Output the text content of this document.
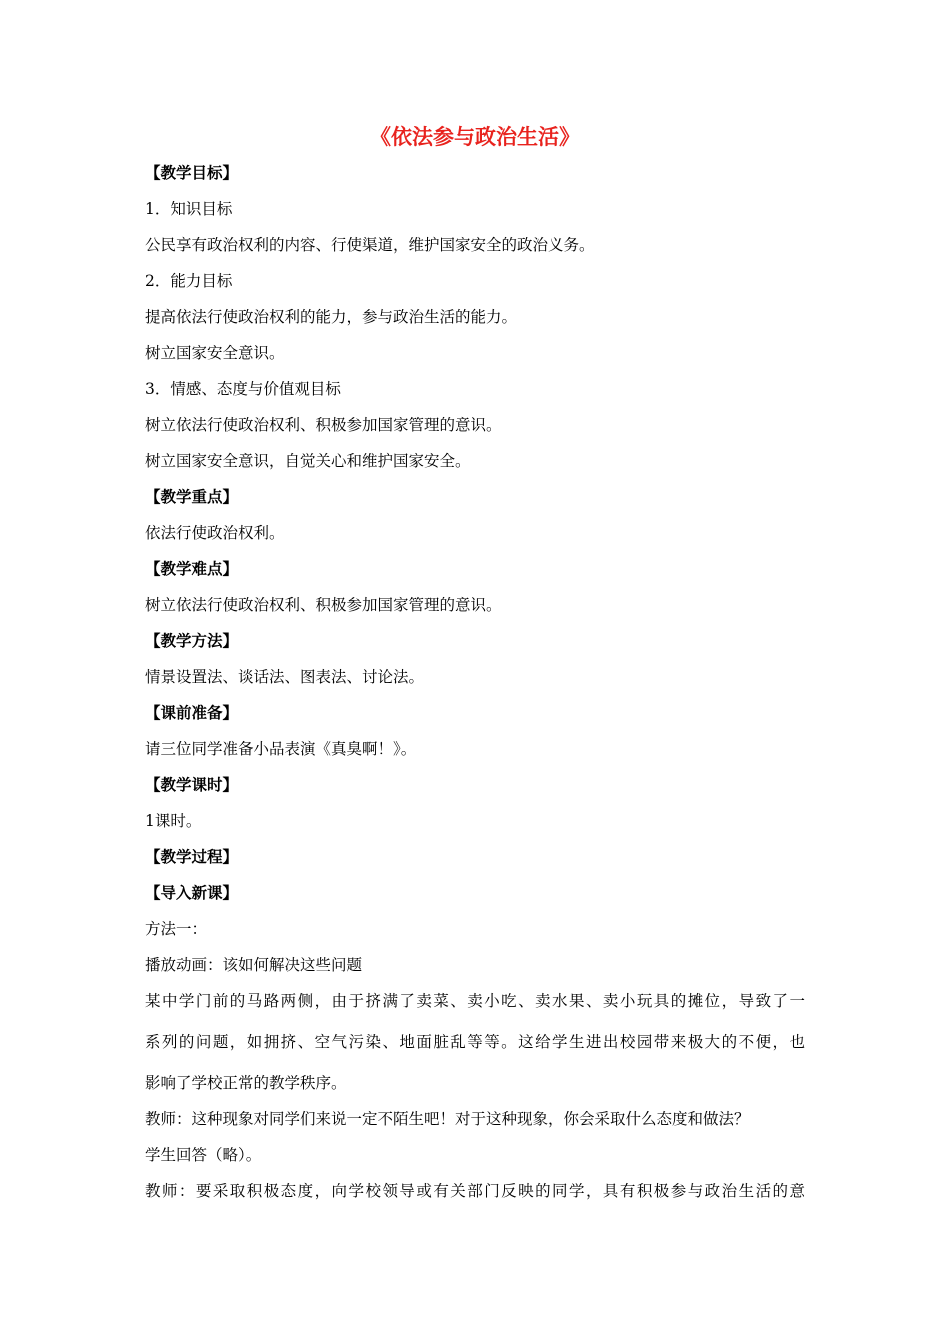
《依法参与政治生活》
【教学目标】
1．知识目标
公民享有政治权利的内容、行使渠道，维护国家安全的政治义务。
2．能力目标
提高依法行使政治权利的能力，参与政治生活的能力。
树立国家安全意识。
3．情感、态度与价值观目标
树立依法行使政治权利、积极参加国家管理的意识。
树立国家安全意识，自觉关心和维护国家安全。
【教学重点】
依法行使政治权利。
【教学难点】
树立依法行使政治权利、积极参加国家管理的意识。
【教学方法】
情景设置法、谈话法、图表法、讨论法。
【课前准备】
请三位同学准备小品表演《真臭啊！》。
【教学课时】
1课时。
【教学过程】
【导入新课】
方法一：
播放动画：该如何解决这些问题
某中学门前的马路两侧，由于挤满了卖菜、卖小吃、卖水果、卖小玩具的摊位，导致了一
系列的问题，如拥挤、空气污染、地面脏乱等等。这给学生进出校园带来极大的不便，也
影响了学校正常的教学秩序。
教师：这种现象对同学们来说一定不陌生吧！对于这种现象，你会采取什么态度和做法？
学生回答（略）。
教师：要采取积极态度，向学校领导或有关部门反映的同学，具有积极参与政治生活的意
